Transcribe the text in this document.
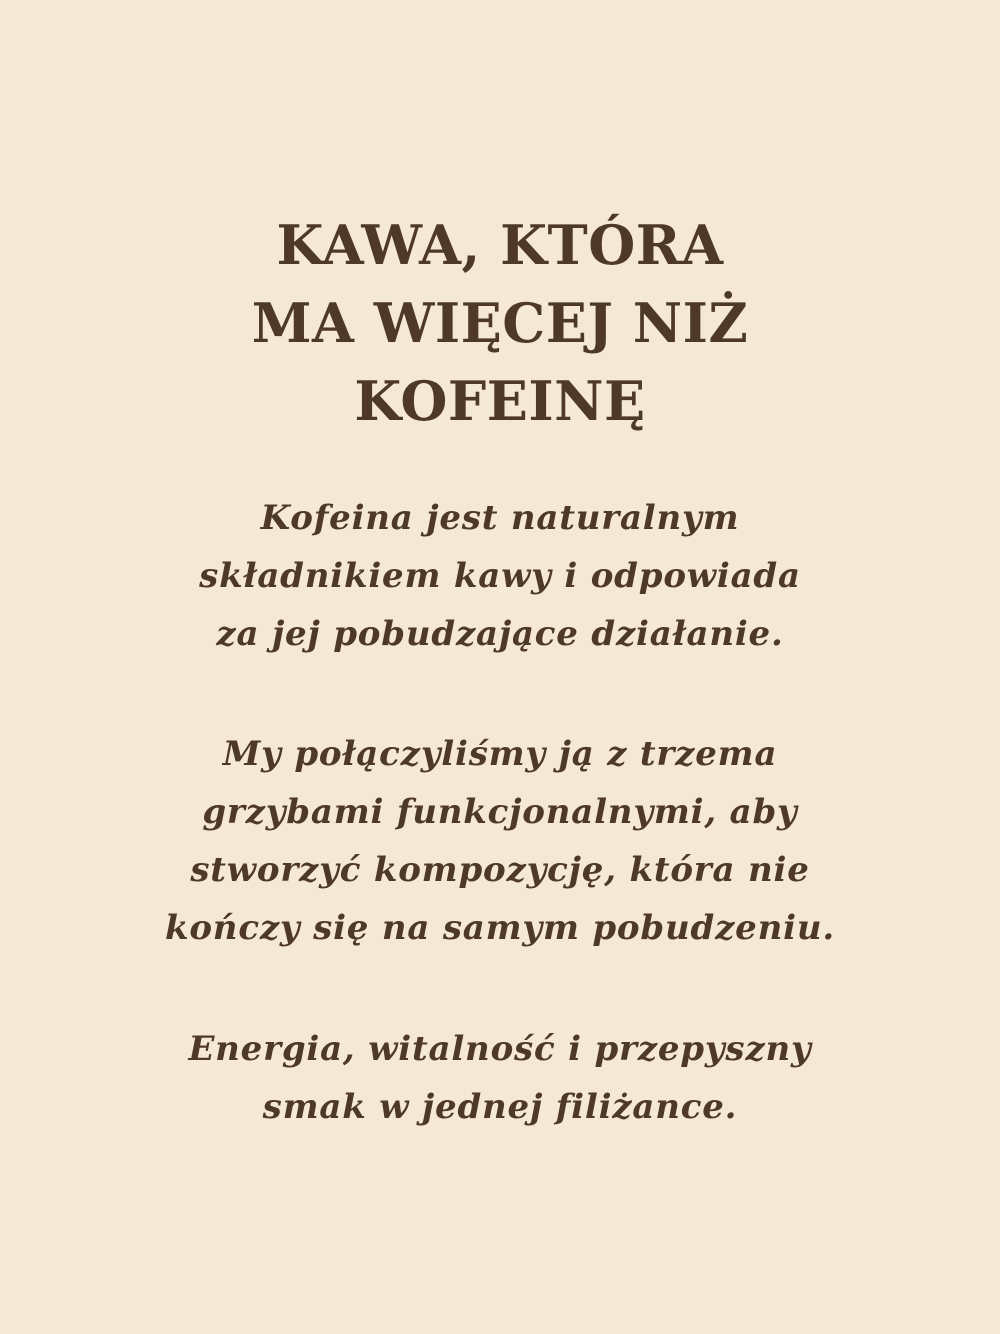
KAWA, KTÓRA
MA WIĘCEJ NIŻ
KOFEINĘ

Kofeina jest naturalnym
składnikiem kawy i odpowiada
za jej pobudzające działanie.

My połączyliśmy ją z trzema
grzybami funkcjonalnymi, aby
stworzyć kompozycję, która nie
kończy się na samym pobudzeniu.

Energia, witalność i przepyszny
smak w jednej filiżance.
